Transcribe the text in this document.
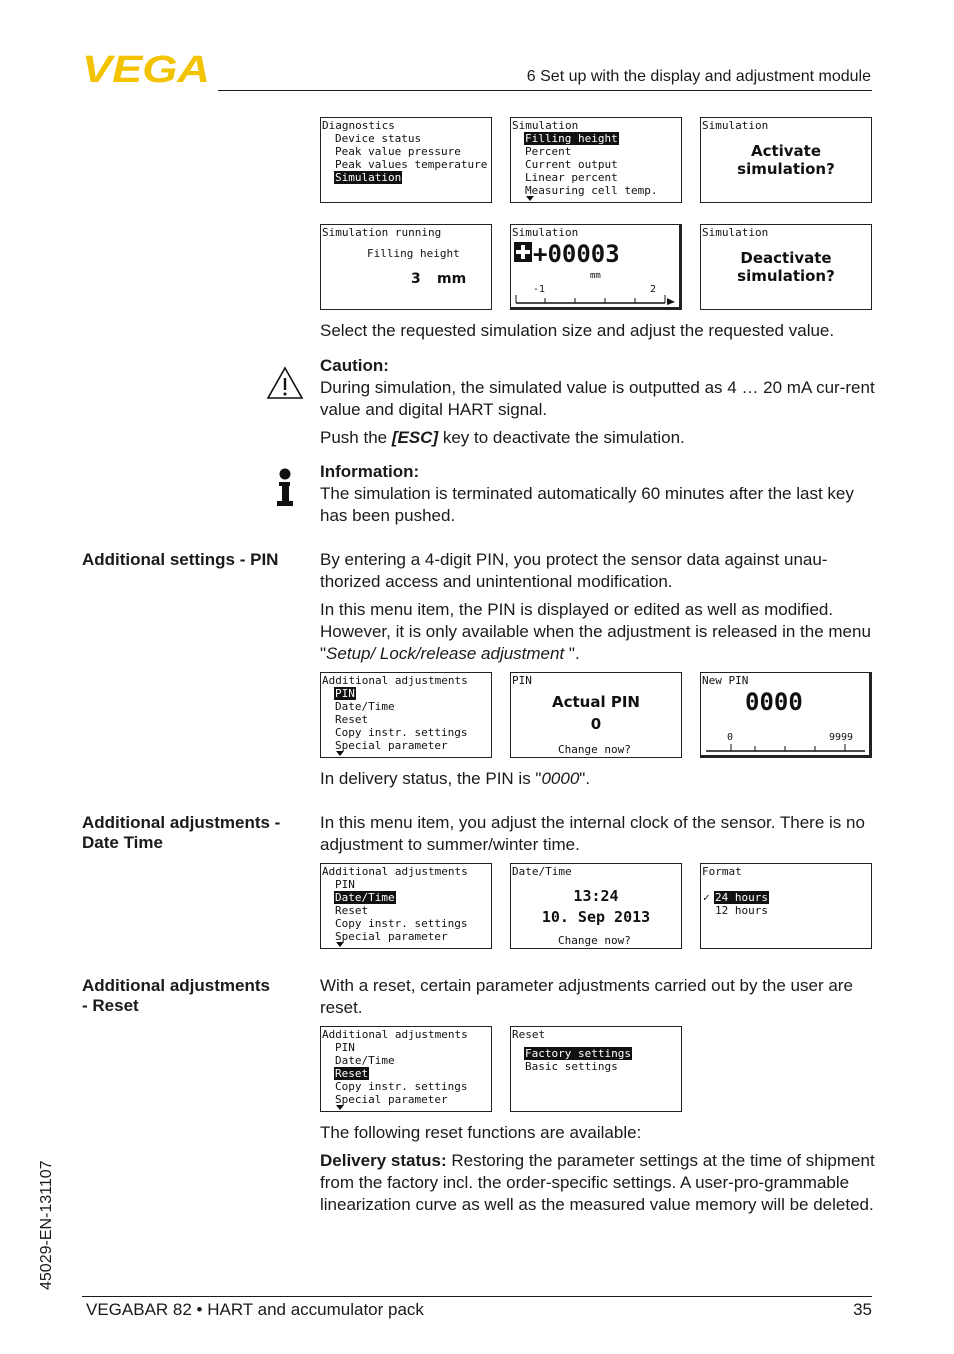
VEGA	6 Set up with the display and adjustment module
Diagnostics
Device status
Peak value pressure
Peak values temperature
Simulation
Simulation
Filling height
Percent
Current output
Linear percent
Measuring cell temp.
Simulation
Activate
simulation?
Simulation running
Filling height
3 mm
Simulation
+00003
mm
-1	2
Simulation
Deactivate
simulation?
Select the requested simulation size and adjust the requested value.
Caution:
During simulation, the simulated value is outputted as 4 … 20 mA cur-rent value and digital HART signal.
Push the [ESC] key to deactivate the simulation.
Information:
The simulation is terminated automatically 60 minutes after the last key has been pushed.
Additional settings - PIN	By entering a 4-digit PIN, you protect the sensor data against unau-thorized access and unintentional modification.
In this menu item, the PIN is displayed or edited as well as modified. However, it is only available when the adjustment is released in the menu "Setup/ Lock/release adjustment ".
Additional adjustments
PIN
Date/Time
Reset
Copy instr. settings
Special parameter
PIN
Actual PIN
0
Change now?
New PIN
0000
0	9999
In delivery status, the PIN is "0000".
Additional adjustments -
Date Time
In this menu item, you adjust the internal clock of the sensor. There is no adjustment to summer/winter time.
Additional adjustments
PIN
Date/Time
Reset
Copy instr. settings
Special parameter
Date/Time
13:24
10. Sep 2013
Change now?
Format
✓ 24 hours
12 hours
Additional adjustments
- Reset
With a reset, certain parameter adjustments carried out by the user are reset.
Additional adjustments
PIN
Date/Time
Reset
Copy instr. settings
Special parameter
Reset
Factory settings
Basic settings
The following reset functions are available:
Delivery status: Restoring the parameter settings at the time of shipment from the factory incl. the order-specific settings. A user-pro-grammable linearization curve as well as the measured value memory will be deleted.
45029-EN-131107
VEGABAR 82 • HART and accumulator pack	35
